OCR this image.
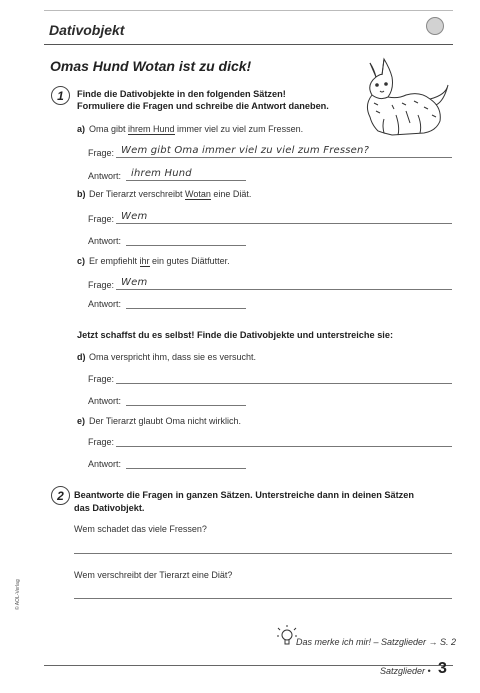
Dativobjekt
Omas Hund Wotan ist zu dick!
1	Finde die Dativobjekte in den folgenden Sätzen!
Formuliere die Fragen und schreibe die Antwort daneben.
a) Oma gibt ihrem Hund immer viel zu viel zum Fressen.
Frage: Wem gibt Oma immer viel zu viel zum Fressen?
Antwort: ihrem Hund
b) Der Tierarzt verschreibt Wotan eine Diät.
Frage: Wem
Antwort:
c) Er empfiehlt ihr ein gutes Diätfutter.
Frage: Wem
Antwort:
Jetzt schaffst du es selbst! Finde die Dativobjekte und unterstreiche sie:
d) Oma verspricht ihm, dass sie es versucht.
Frage:
Antwort:
e) Der Tierarzt glaubt Oma nicht wirklich.
Frage:
Antwort:
2	Beantworte die Fragen in ganzen Sätzen. Unterstreiche dann in deinen Sätzen
das Dativobjekt.
Wem schadet das viele Fressen?
Wem verschreibt der Tierarzt eine Diät?
© AOL-Verlag
Das merke ich mir! – Satzglieder → S. 2
Satzglieder • 3
